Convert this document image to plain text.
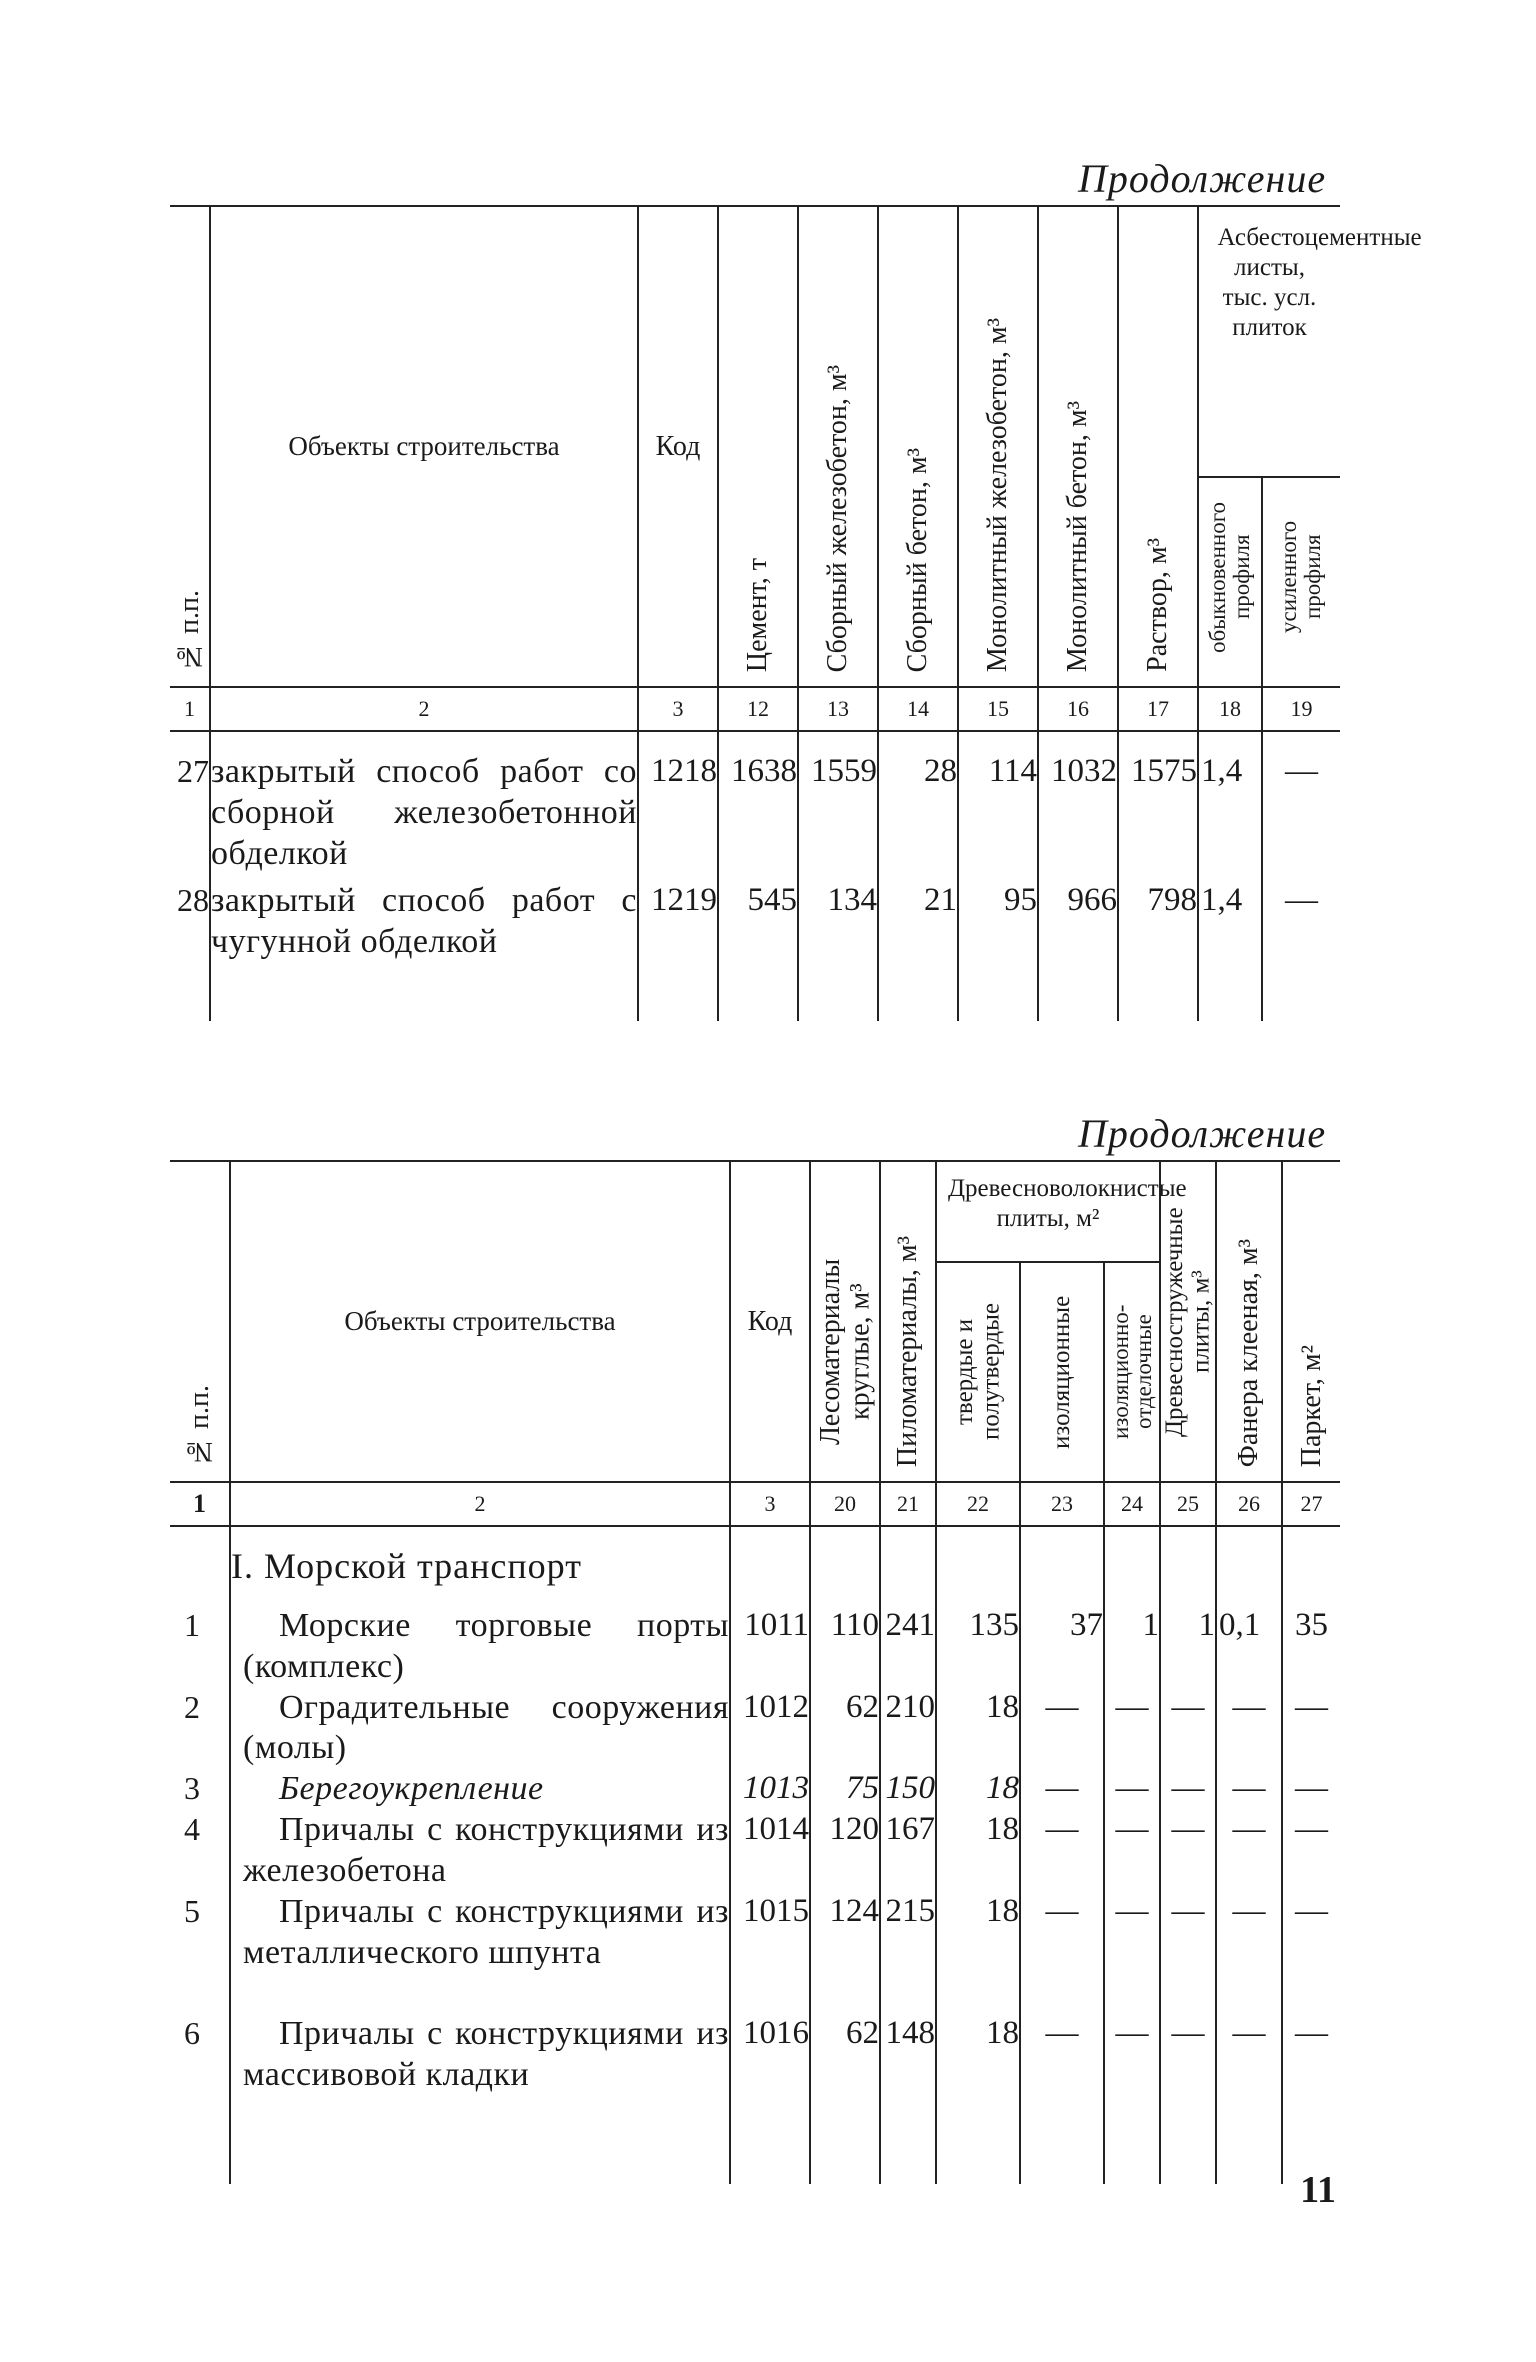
Продолжение
№ п.п.	Объекты строительства	Код	Цемент, т	Сборный железобетон, м³	Сборный бетон, м³	Монолитный железобетон, м³	Монолитный бетон, м³	Раствор, м³	Асбестоцементные листы, тыс. усл. плиток	

									обыкновенного профиля	усиленного профиля

1	2	3	12	13	14	15	16	17	18	19
27	закрытый способ работ со сборной железобетонной обделкой	1218	1638	1559	28	114	1032	1575	1,4	—
28	закрытый способ работ с чугунной обделкой	1219	545	134	21	95	966	798	1,4	—
Продолжение
№ п.п.	Объекты строительства	Код	Лесоматериалы круглые, м³	Пиломатериалы, м³	Древесноволокнистые плиты, м²			Древесностружечные плиты, м³	Фанера клееная, м³	Паркет, м²

					твердые и полутвердые	изоляционные	изоляционно-отделочные			

1	2	3	20	21	22	23	24	25	26	27
	I. Морской транспорт									
1	Морские торговые порты (комплекс)	1011	110	241	135	37	1	1	0,1	35
2	Оградительные сооружения (молы)	1012	62	210	18	—	—	—	—	—
3	Берегоукрепление	1013	75	150	18	—	—	—	—	—
4	Причалы с конструкциями из железобетона	1014	120	167	18	—	—	—	—	—
5	Причалы с конструкциями из металлического шпунта	1015	124	215	18	—	—	—	—	—
6	Причалы с конструкциями из массивовой кладки	1016	62	148	18	—	—	—	—	—
11
